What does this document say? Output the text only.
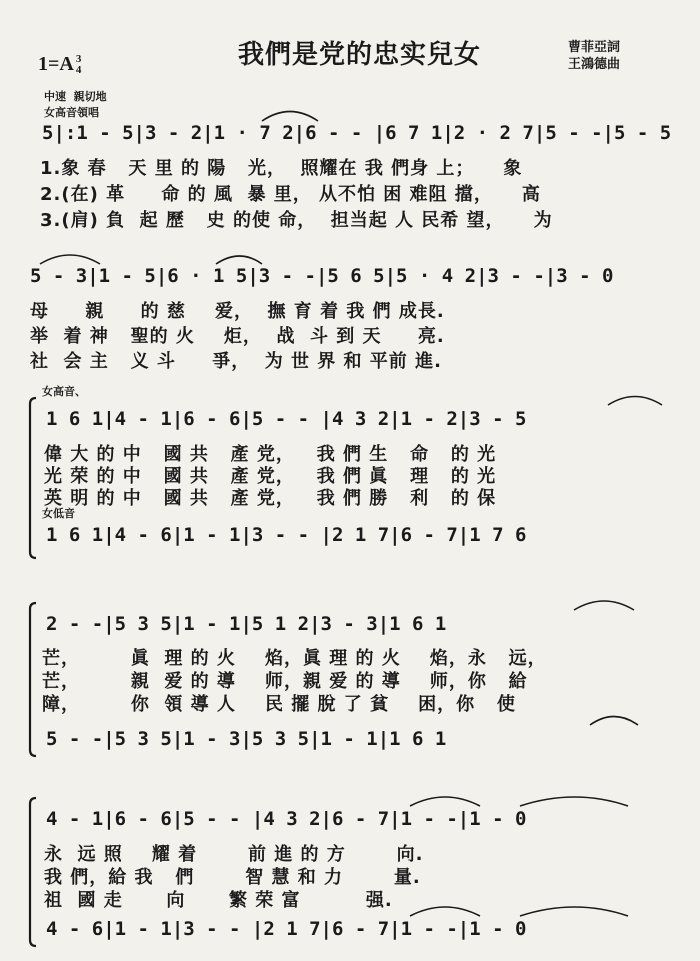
1=A 3
4

我們是党的忠实兒女	曹菲亞詞
王鴻德曲
中速  親切地
女高音領唱
5|:1 - 5|3 - 2|1 · 7 2|6 - - |6 7 1|2 · 2 7|5 - -|5 - 5
1.象 春   天 里 的 陽   光，  照耀在 我 們身 上；    象
2.(在) 革     命 的 風  暴 里， 从不怕 困 难阻 擋，    高
3.(肩) 負  起 歷   史 的使 命，  担当起 人 民希 望，    为
5 - 3|1 - 5|6 · 1 5|3 - -|5 6 5|5 · 4 2|3 - -|3 - 0
母     親     的 慈    爱，  撫 育 着 我 們 成長.
举  着 神   聖的 火    炬，  战  斗 到 天     亮.
社  会 主   义 斗     爭，  为 世 界 和 平前 進.
女高音、
1 6 1|4 - 1|6 - 6|5 - - |4 3 2|1 - 2|3 - 5
偉 大 的 中   國 共   產 党，   我 們 生   命   的 光
光 荣 的 中   國 共   產 党，   我 們 眞   理   的 光
英 明 的 中   國 共   產 党，   我 們 勝   利   的 保
女低音
1 6 1|4 - 6|1 - 1|3 - - |2 1 7|6 - 7|1 7 6
2 - -|5 3 5|1 - 1|5 1 2|3 - 3|1 6 1
芒，       眞  理 的 火    焰，眞 理 的 火    焰，永   远，
芒，       親  爱 的 導    师，親 爱 的 導    师，你   給
障，       你  領 導 人    民 擺 脫 了 貧    困，你   使
5 - -|5 3 5|1 - 3|5 3 5|1 - 1|1 6 1
4 - 1|6 - 6|5 - - |4 3 2|6 - 7|1 - -|1 - 0
永  远 照    耀 着       前 進 的 方       向.
我 們，給 我   們       智 慧 和 力       量.
祖  國 走      向      繁 荣 富         强.
4 - 6|1 - 1|3 - - |2 1 7|6 - 7|1 - -|1 - 0
